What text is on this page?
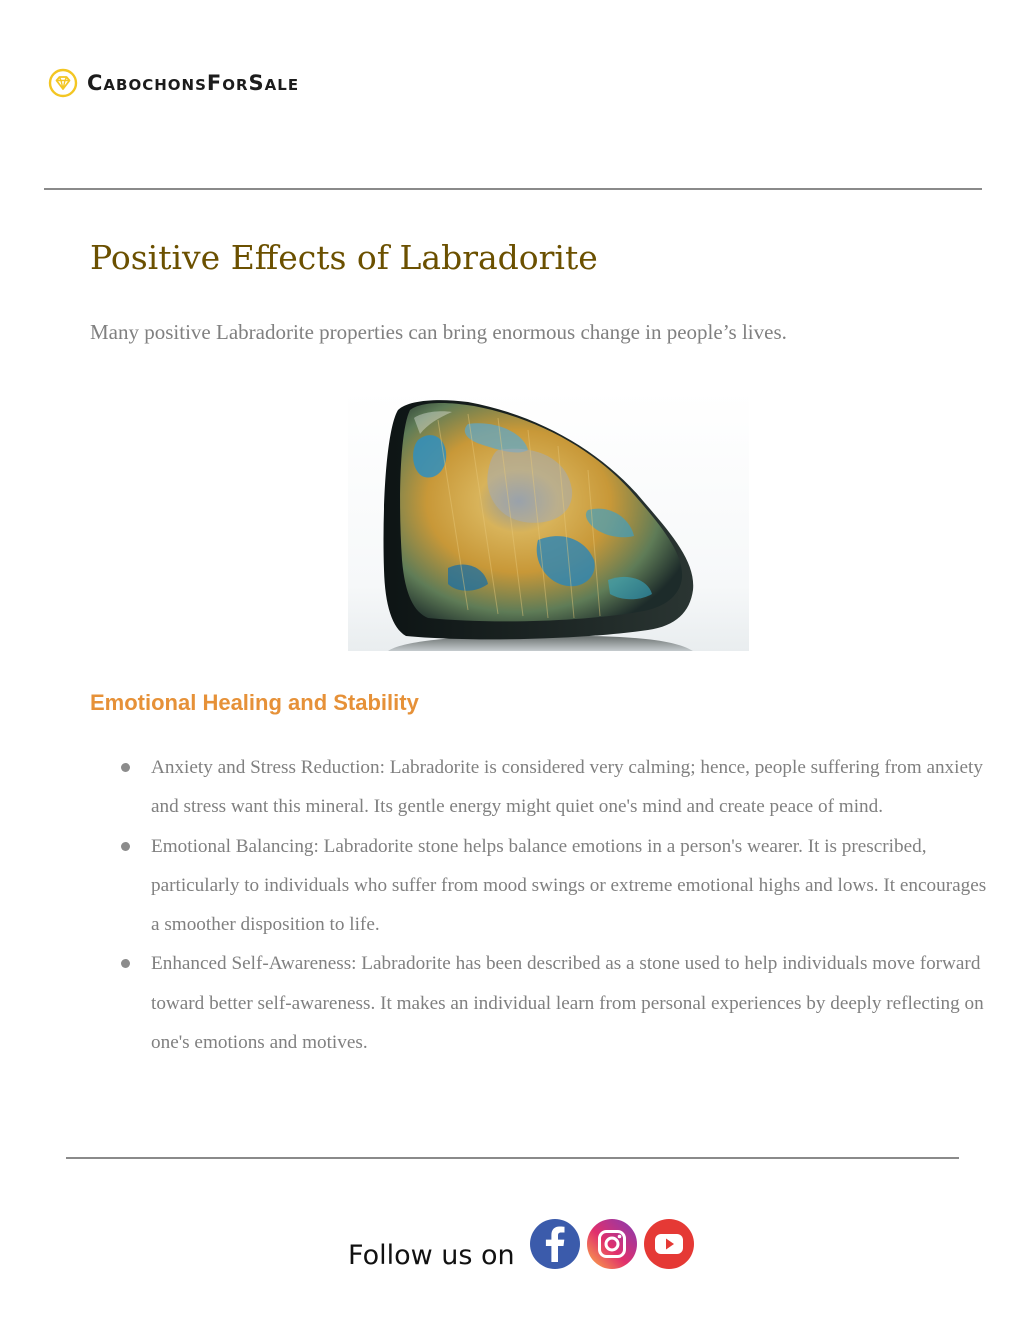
CabochonsForSale
Positive Effects of Labradorite

Many positive Labradorite properties can bring enormous change in people’s lives.

Emotional Healing and Stability
Anxiety and Stress Reduction: Labradorite is considered very calming; hence, people suffering from anxiety and stress want this mineral. Its gentle energy might quiet one's mind and create peace of mind.
Emotional Balancing: Labradorite stone helps balance emotions in a person's wearer. It is prescribed, particularly to individuals who suffer from mood swings or extreme emotional highs and lows. It encourages a smoother disposition to life.
Enhanced Self-Awareness: Labradorite has been described as a stone used to help individuals move forward toward better self-awareness. It makes an individual learn from personal experiences by deeply reflecting on one's emotions and motives.
Follow us on
